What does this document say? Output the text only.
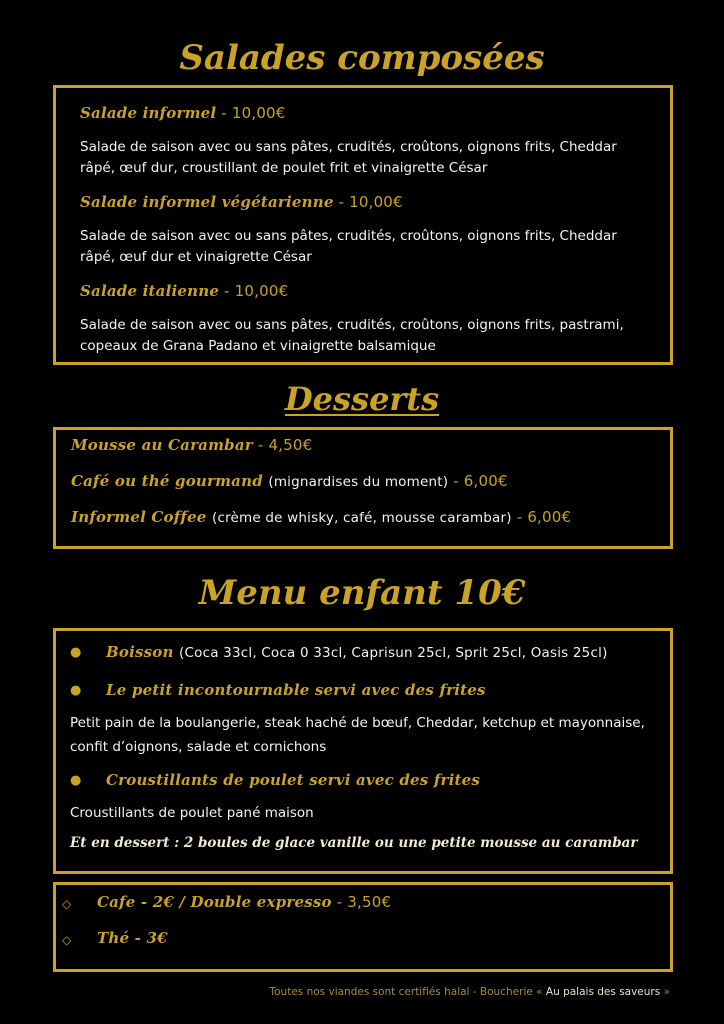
Salades composées
Salade informel - 10,00€
Salade de saison avec ou sans pâtes, crudités, croûtons, oignons frits, Cheddar
râpé, œuf dur, croustillant de poulet frit et vinaigrette César
Salade informel végétarienne - 10,00€
Salade de saison avec ou sans pâtes, crudités, croûtons, oignons frits, Cheddar
râpé, œuf dur et vinaigrette César
Salade italienne - 10,00€
Salade de saison avec ou sans pâtes, crudités, croûtons, oignons frits, pastrami,
copeaux de Grana Padano et vinaigrette balsamique
Desserts
Mousse au Carambar - 4,50€
Café ou thé gourmand (mignardises du moment) - 6,00€
Informel Coffee (crème de whisky, café, mousse carambar) - 6,00€
Menu enfant 10€
● Boisson (Coca 33cl, Coca 0 33cl, Caprisun 25cl, Sprit 25cl, Oasis 25cl)
● Le petit incontournable servi avec des frites
Petit pain de la boulangerie, steak haché de bœuf, Cheddar, ketchup et mayonnaise,
confit d’oignons, salade et cornichons
● Croustillants de poulet servi avec des frites
Croustillants de poulet pané maison
Et en dessert : 2 boules de glace vanille ou une petite mousse au carambar
◇ Cafe - 2€ / Double expresso - 3,50€
◇ Thé - 3€
Toutes nos viandes sont certifiés halal - Boucherie « Au palais des saveurs »
